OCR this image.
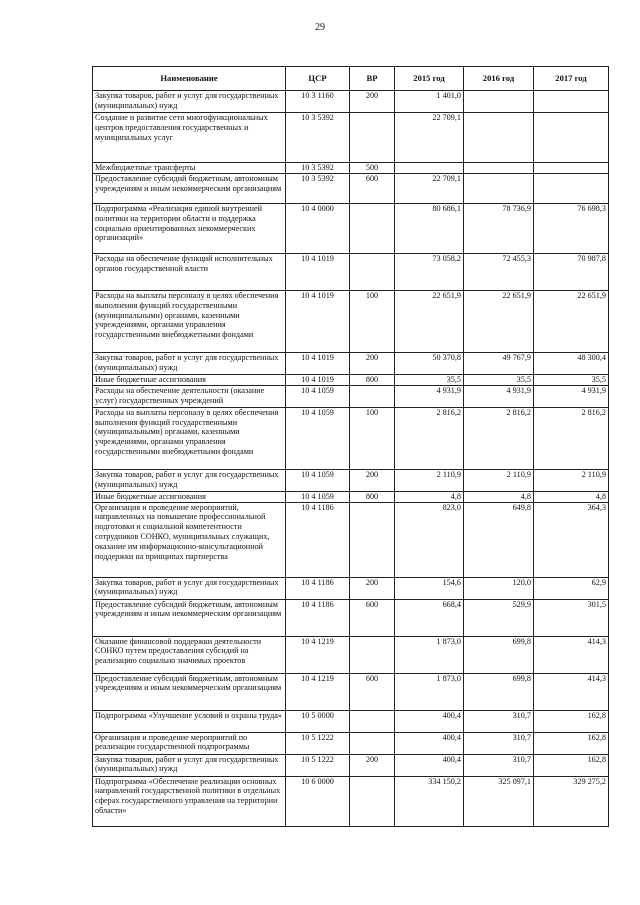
29
Наименование	ЦСР	ВР	2015 год	2016 год	2017 год
Закупка товаров, работ и услуг для государственных (муниципальных) нужд	10 3 1160	200	1 401,0		
Создание и развитие сети многофункциональных центров предоставления государственных и муниципальных услуг	10 3 5392		22 709,1		
Межбюджетные трансферты	10 3 5392	500			
Предоставление субсидий бюджетным, автономным учреждениям и иным некоммерческим организациям	10 3 5392	600	22 709,1		
Подпрограмма «Реализация единой внутренней политики на территории области и поддержка социально ориентированных некоммерческих организаций»	10 4 0000		80 686,1	78 736,9	76 698,3
Расходы на обеспечение функций исполнительных органов государственной власти	10 4 1019		73 058,2	72 455,3	70 987,8
Расходы на выплаты персоналу в целях обеспечения выполнения функций государственными (муниципальными) органами, казенными учреждениями, органами управления государственными внебюджетными фондами	10 4 1019	100	22 651,9	22 651,9	22 651,9
Закупка товаров, работ и услуг для государственных (муниципальных) нужд	10 4 1019	200	50 370,8	49 767,9	48 300,4
Иные бюджетные ассигнования	10 4 1019	800	35,5	35,5	35,5
Расходы на обеспечение деятельности (оказание услуг) государственных учреждений	10 4 1059		4 931,9	4 931,9	4 931,9
Расходы на выплаты персоналу в целях обеспечения выполнения функций государственными (муниципальными) органами, казенными учреждениями, органами управления государственными внебюджетными фондами	10 4 1059	100	2 816,2	2 816,2	2 816,2
Закупка товаров, работ и услуг для государственных (муниципальных) нужд	10 4 1059	200	2 110,9	2 110,9	2 110,9
Иные бюджетные ассигнования	10 4 1059	800	4,8	4,8	4,8
Организация и проведение мероприятий, направленных на повышение профессиональной подготовки и социальной компетентности сотрудников СОНКО, муниципальных служащих, оказание им информационно-консультационной поддержки на принципах партнерства	10 4 1186		823,0	649,8	364,3
Закупка товаров, работ и услуг для государственных (муниципальных) нужд	10 4 1186	200	154,6	120,0	62,9
Предоставление субсидий бюджетным, автономным учреждениям и иным некоммерческим организациям	10 4 1186	600	668,4	529,9	301,5
Оказание финансовой поддержки деятельности СОНКО путем предоставления субсидий на реализацию социально значимых проектов	10 4 1219		1 873,0	699,8	414,3
Предоставление субсидий бюджетным, автономным учреждениям и иным некоммерческим организациям	10 4 1219	600	1 873,0	699,8	414,3
Подпрограмма «Улучшение условий и охраны труда»	10 5 0000		400,4	310,7	162,8
Организация и проведение мероприятий по реализации государственной подпрограммы	10 5 1222		400,4	310,7	162,8
Закупка товаров, работ и услуг для государственных (муниципальных) нужд	10 5 1222	200	400,4	310,7	162,8
Подпрограмма «Обеспечение реализации основных направлений государственной политики в отдельных сферах государственного управления на территории области»	10 6 0000		334 150,2	325 097,1	329 275,2
